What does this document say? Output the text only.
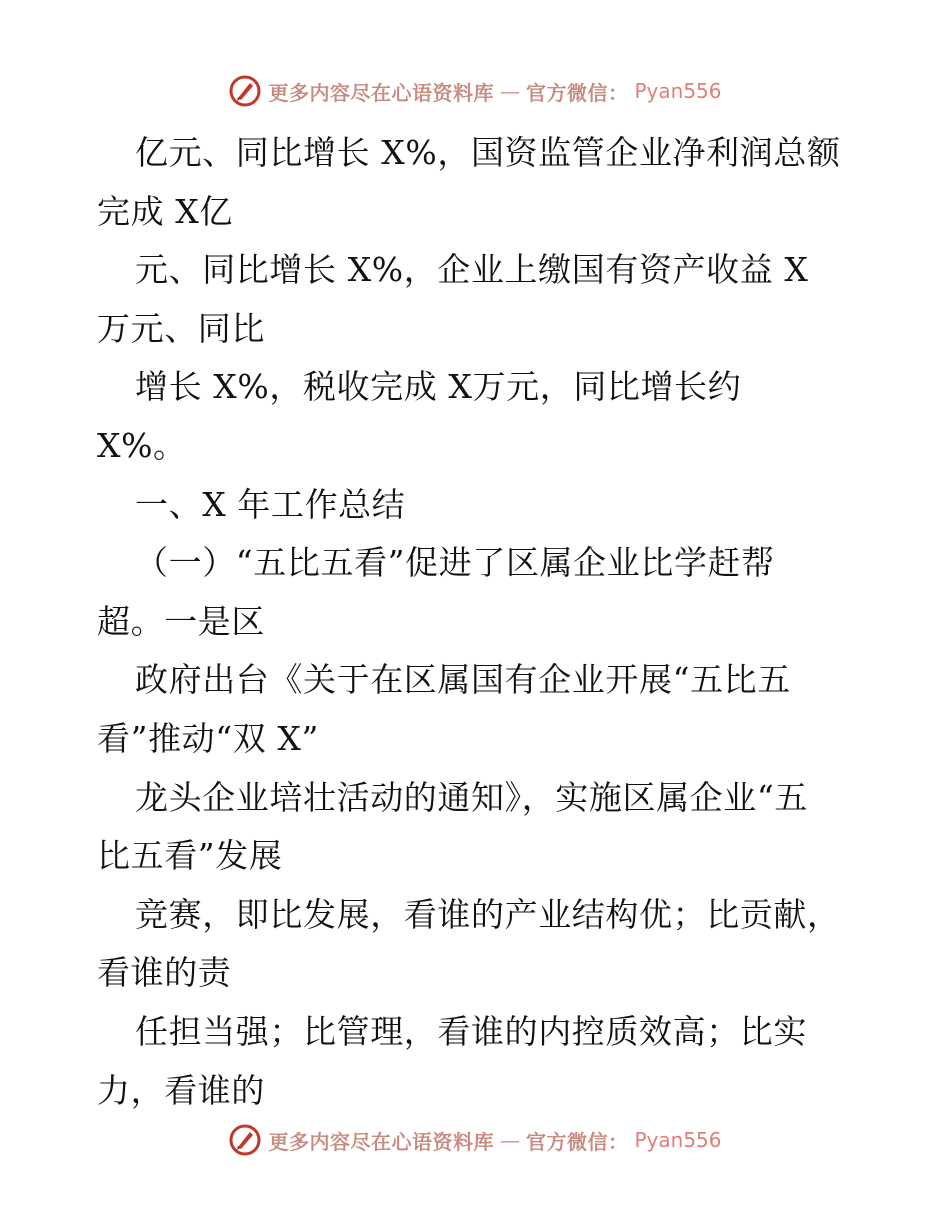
更多内容尽在心语资料库 — 官方微信： Pyan556
亿元、同比增长 X%，国资监管企业净利润总额
完成 X亿
元、同比增长 X%，企业上缴国有资产收益 X
万元、同比
增长 X%，税收完成 X万元，同比增长约
X%。
一、X 年工作总结
（一）“五比五看”促进了区属企业比学赶帮
超。一是区
政府出台《关于在区属国有企业开展“五比五
看”推动“双 X”
龙头企业培壮活动的通知》，实施区属企业“五
比五看”发展
竞赛，即比发展，看谁的产业结构优；比贡献，
看谁的责
任担当强；比管理，看谁的内控质效高；比实
力，看谁的
更多内容尽在心语资料库 — 官方微信： Pyan556
